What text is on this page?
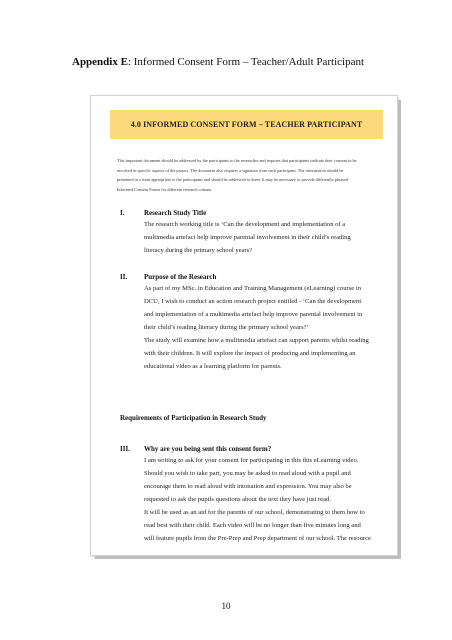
Appendix E: Informed Consent Form – Teacher/Adult Participant
4.0 INFORMED CONSENT FORM – TEACHER PARTICIPANT

This important document should be addressed by the participants to the researcher and requires that participants indicate their consent to be

involved in specific aspects of the project. The document also requires a signature from each participant. The information should be

presented in a form appropriate to the participants and should be addressed to them. It may be necessary to provide differently phrased

Informed Consent Forms for different research cohorts.

I.	Research Study Title

The research working title is ‘Can the development and implementation of a

multimedia artefact help improve parental involvement in their child’s reading

literacy during the primary school years?

II.	Purpose of the Research

As part of my MSc. in Education and Training Management (eLearning) course in

DCU, I wish to conduct an action research project entitled - ‘Can the development

and implementation of a multimedia artefact help improve parental involvement in

their child’s reading literacy during the primary school years?’

The study will examine how a multimedia artefact can support parents whilst reading

with their children. It will explore the impact of producing and implementing an

educational video as a learning platform for parents.

Requirements of Participation in Research Study
III.	Why are you being sent this consent form?

I am writing to ask for your consent for participating in this this eLearning video.

Should you wish to take part, you may be asked to read aloud with a pupil and

encourage them to read aloud with intonation and expression. You may also be

requested to ask the pupils questions about the text they have just read.

It will be used as an aid for the parents of our school, demonstrating to them how to

read best with their child. Each video will be no longer than five minutes long and

will feature pupils from the Pre-Prep and Prep department of our school. The resource

10
